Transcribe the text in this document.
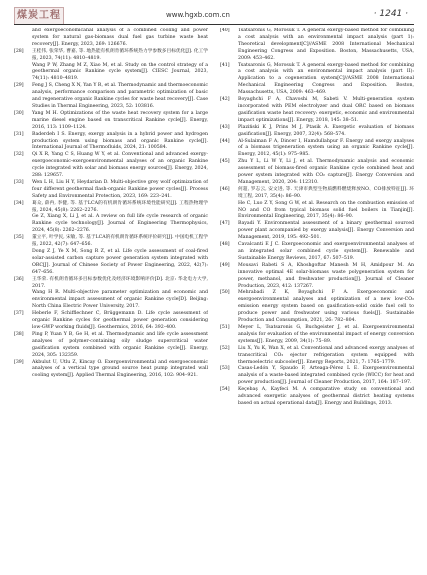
煤炭工程	www.hgxb.com.cn	· 1241 ·

and exergoeconomicanal analysis of a combined cooling and power system for natural gas-biomass dual fuel gas turbine waste heat recovery[J]. Energy, 2023, 269: 126676.

[28] 王桂伟, 张荣华, 曹嘉, 等. 地热能有机朗肯循环系统热力学参数多目标优化[J]. 化工学报, 2023, 74(11): 4810–4819.

Wang P W, Zhang M Z, Xiao M, et al. Study on the control strategy of a geothermal organic Rankine cycle system[J]. CIESC Journal, 2023, 74(11): 4810–4819.

[29] Feng J S, Cheng X N, Yan Y R, et al. Thermodynamic and thermoeconomic analysis, performance comparison and parametric optimization of basic and regenerative organic Rankine cycles for waste heat recovery[J]. Case Studies in Thermal Engineering, 2023, 52: 103816.

[30] Yang M H. Optimizations of the waste heat recovery system for a large marine diesel engine based on transcritical Rankine cycle[J]. Energy, 2016, 113: 1109–1124.

[31] Baderdeh I S. Energy, exergy analysis in a hybrid power and hydrogen production system using biomass and organic Rankine cycle[J]. International Journal of Thermofluids, 2024, 21: 100584.

[32] Qi X R, Yang C S, Huang W Y, et al. Conventional and advanced exergy-exergoeconomic-exergoenvironmental analyses of an organic Rankine cycle integrated with solar and biomass energy sources[J]. Energy, 2024, 288: 129657.

[33] Wen L H, Liu H Y, Heydarian D. Multi-objective grey wolf optimization of four different geothermal flash-organic Rankine power cycles[J]. Process Safety and Environmental Protection, 2023, 169: 223–241.

[34] 葛众, 薛冉, 李健, 等. 基于LCA的有机朗肯循环系统环境性能研究[J]. 工程热物理学报, 2024, 45(8): 2262–2276.

Ge Z, Xiang X, Li J, et al. A review on full life cycle research of organic Rankine cycle technology[J]. Journal of Engineering Thermophysics, 2024, 45(8): 2262–2276.

[35] 董立平, 叶学民, 宋敏, 等. 基于LCA的有机朗肯循环系统评价研究[J]. 中国电机工程学报, 2022, 42(7): 647–656.

Dong Z J, Ye X M, Song R Z, et al. Life cycle assessment of coal-fired solar-assisted carbon capture power generation system integrated with ORC[J]. Journal of Chinese Society of Power Engineering, 2022, 42(7): 647–656.

[36] 王华荣. 有机朗肯循环多目标参数优化及经济环境影响评价[D]. 北京: 华北电力大学, 2017.

Wang H R. Multi-objective parameter optimization and economic and environmental impact assessment of organic Rankine cycle[D]. Beijing: North China Electric Power University, 2017.

[37] Heberle F, Schifflechner C, Brüggemann D. Life cycle assessment of organic Rankine cycles for geothermal power generation considering low-GWP working fluids[J]. Geothermics, 2016, 64: 392–400.

[38] Ping P, Yuan Y B, Ge H, et al. Thermodynamic and life cycle assessment analyses of polymer-containing oily sludge supercritical water gasification system combined with organic Rankine cycle[J]. Energy, 2024, 305: 132359.

[39] Akbulut U, Utlu Z, Kincay O. Exergoenvironmental and exergoeconomic analyses of a vertical type ground source heat pump integrated wall cooling system[J]. Applied Thermal Engineering, 2016, 102: 904–921.

[40] Tsatsaronis G, Morosuk T. A general exergy-based method for combining a cost analysis with an environmental impact analysis (part 1): Theoretical development[C]//ASME 2008 International Mechanical Engineering Congress and Exposition. Boston, Massachusetts, USA, 2009: 453–462.

[41] Tsatsaronis G, Morosuk T. A general exergy-based method for combining a cost analysis with an environmental impact analysis (part II): Application to a cogeneration system[C]//ASME 2008 International Mechanical Engineering Congress and Exposition. Boston, Massachusetts, USA, 2009: 463–469.

[42] Boyaghchi F A, Chavoshi M, Sabeti V. Multi-generation system incorporated with PEM electrolyzer and dual ORC based on biomass gasification waste heat recovery: exergetic, economic and environmental impact optimizations[J]. Energy, 2018, 145: 38–51.

[43] Plaziński K J, Prins M J, Ptasik A. Exergetic evaluation of biomass gasification[J]. Energy, 2007, 32(4): 568–574.

[44] Al-Sulaiman F A, Dincer I, Hamdullahpur F. Energy and exergy analyses of a biomass trigeneration system using an organic Rankine cycle[J]. Energy, 2012, 45(1): 975–985.

[45] Zhu Y L, Li W Y, Li J, et al. Thermodynamic analysis and economic assessment of biomass-fired organic Rankine cycle combined heat and power system integrated with CO₂ capture[J]. Energy Conversion and Management, 2020, 204: 112310.

[46] 何超, 罗志云, 安文进, 等. 天津市典型生物质燃料燃烧释放NO、CO排放特征[J]. 环境工程, 2017, 35(4): 86–90.

He C, Luo Z Y, Song G W, et al. Research on the combustion emission of NO and CO from typical biomass solid fuel boilers in Tianjin[J]. Environmental Engineering, 2017, 35(4): 86–90.

[47] Bayadi Y. Environmental assessment of a binary geothermal sourced power plant accompanied by exergy analysis[J]. Energy Conversion and Management, 2019, 195: 492–501.

[48] Cavalcanti E J C. Exergoeconomic and exergoenvironmental analyses of an integrated solar combined cycle system[J]. Renewable and Sustainable Energy Reviews, 2017, 67: 507–519.

[49] Mousavi Rabeti S A, Khoshgoftar Manesh M H, Amidpour M. An innovative optimal 4E solar-biomass waste polygeneration system for power, methanol, and freshwater production[J]. Journal of Cleaner Production, 2023, 412: 137267.

[50] Mehrabadi Z K, Boyaghchi F A. Exergoeconomic and exergoenvironmental analyses and optimization of a new low-CO₂ emission energy system based on gasification-solid oxide fuel cell to produce power and freshwater using various fuels[J]. Sustainable Production and Consumption, 2021, 26: 782–804.

[51] Meyer L, Tsatsaronis G, Buchgeister J, et al. Exergoenvironmental analysis for evaluation of the environmental impact of energy conversion systems[J]. Energy, 2009, 34(1): 75–89.

[52] Liu X, Yu K, Wan X, et al. Conventional and advanced exergy analyses of transcritical CO₂ ejector refrigeration system equipped with thermoelectric subcooler[J]. Energy Reports, 2021, 7: 1765–1779.

[53] Casas-Ledón Y, Spaudo F, Arteaga-Pérez L E. Exergoenvironmental analysis of a waste-based integrated combined cycle (WICC) for heat and power production[J]. Journal of Cleaner Production, 2017, 164: 187–197.

[54] Keçebaş A, Kayfeci M. A comparative study on conventional and advanced exergetic analyses of geothermal district heating systems based on actual operational data[J]. Energy and Buildings, 2013.
